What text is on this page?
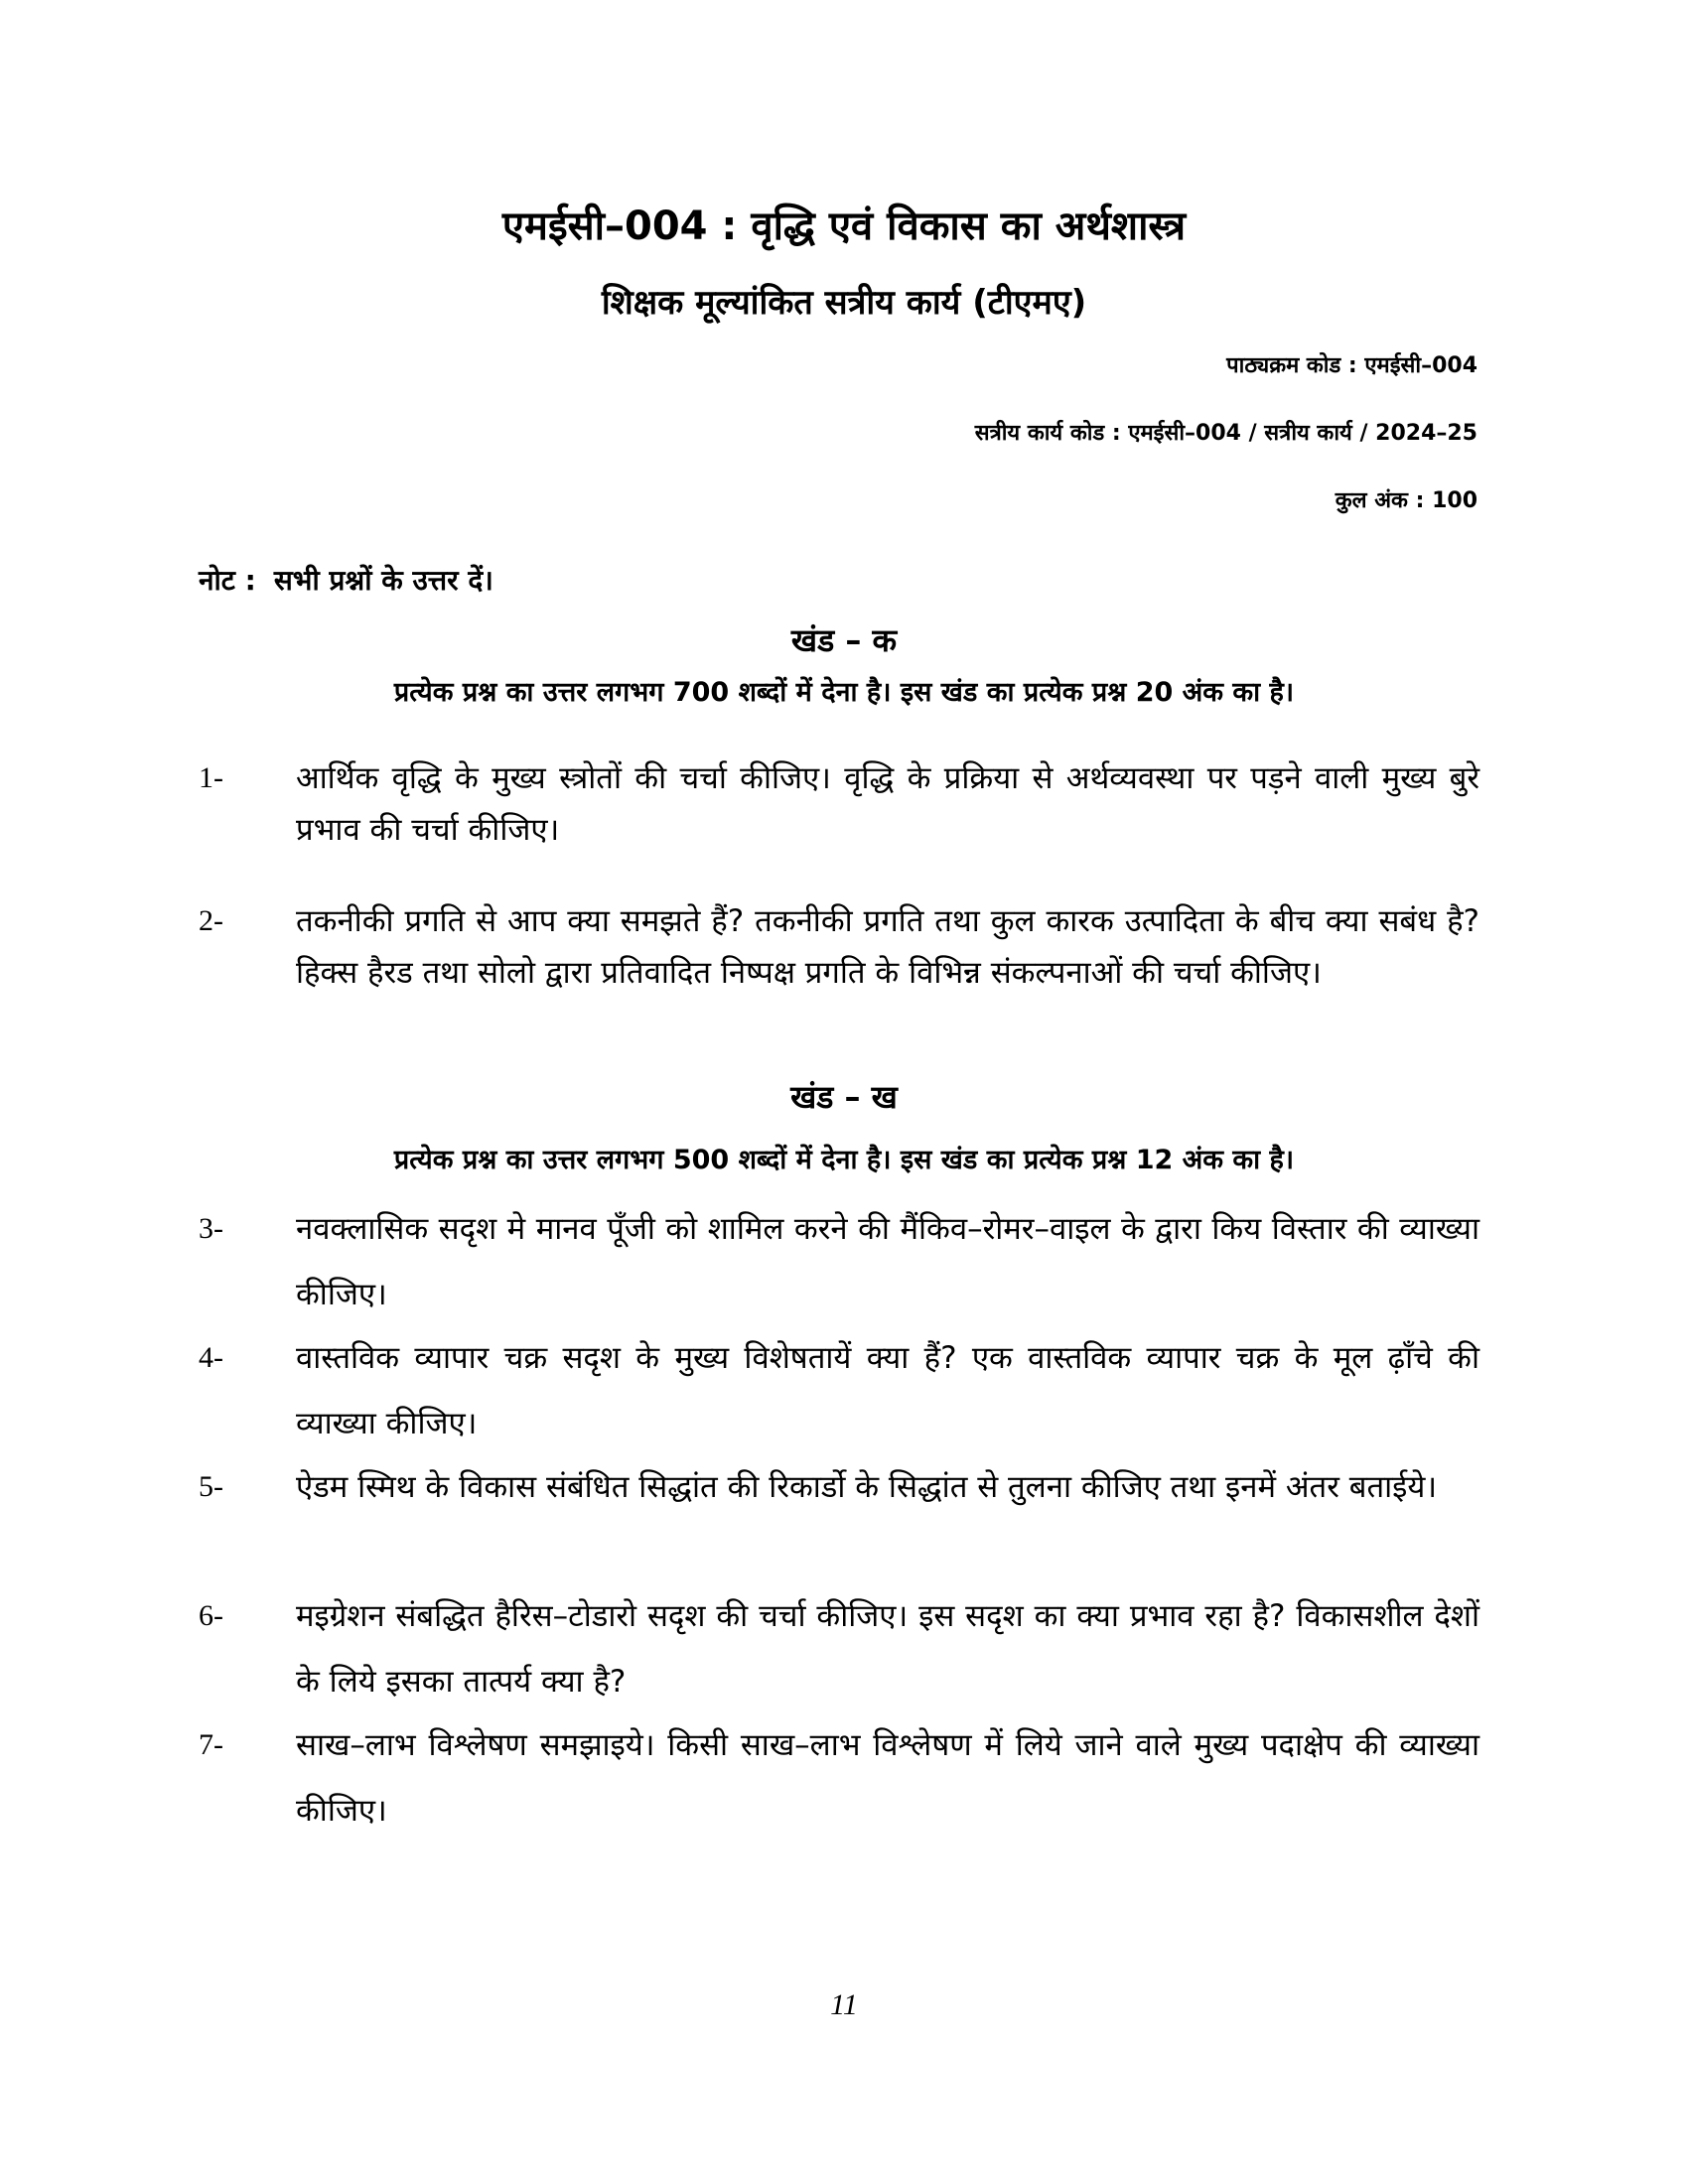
एमईसी–004 : वृद्धि एवं विकास का अर्थशास्त्र
शिक्षक मूल्यांकित सत्रीय कार्य (टीएमए)
पाठ्यक्रम कोड : एमईसी–004
सत्रीय कार्य कोड : एमईसी–004 / सत्रीय कार्य / 2024–25
कुल अंक : 100
नोट : सभी प्रश्नों के उत्तर दें।
खंड – क
प्रत्येक प्रश्न का उत्तर लगभग 700 शब्दों में देना है। इस खंड का प्रत्येक प्रश्न 20 अंक का है।
1-	आर्थिक वृद्धि के मुख्य स्त्रोतों की चर्चा कीजिए। वृद्धि के प्रक्रिया से अर्थव्यवस्था पर पड़ने वाली मुख्य बुरे प्रभाव की चर्चा कीजिए।
2-	तकनीकी प्रगति से आप क्या समझते हैं? तकनीकी प्रगति तथा कुल कारक उत्पादिता के बीच क्या सबंध है? हिक्स हैरड तथा सोलो द्वारा प्रतिवादित निष्पक्ष प्रगति के विभिन्न संकल्पनाओं की चर्चा कीजिए।
खंड – ख
प्रत्येक प्रश्न का उत्तर लगभग 500 शब्दों में देना है। इस खंड का प्रत्येक प्रश्न 12 अंक का है।
3-	नवक्लासिक सदृश मे मानव पूँजी को शामिल करने की मैंकिव–रोमर–वाइल के द्वारा किय विस्तार की व्याख्या कीजिए।
4-	वास्तविक व्यापार चक्र सदृश के मुख्य विशेषतायें क्या हैं? एक वास्तविक व्यापार चक्र के मूल ढ़ाँचे की व्याख्या कीजिए।
5-	ऐडम स्मिथ के विकास संबंधित सिद्धांत की रिकार्डो के सिद्धांत से तुलना कीजिए तथा इनमें अंतर बताईये।
6-	मइग्रेशन संबद्धित हैरिस–टोडारो सदृश की चर्चा कीजिए। इस सदृश का क्या प्रभाव रहा है? विकासशील देशों के लिये इसका तात्पर्य क्या है?
7-	साख–लाभ विश्लेषण समझाइये। किसी साख–लाभ विश्लेषण में लिये जाने वाले मुख्य पदाक्षेप की व्याख्या कीजिए।
11
